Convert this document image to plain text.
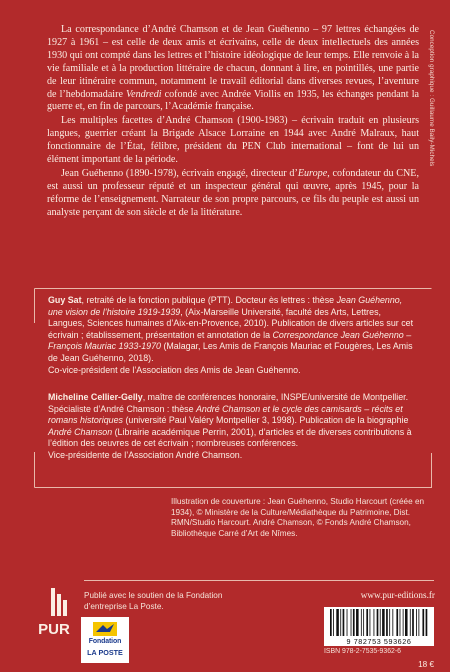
La correspondance d’André Chamson et de Jean Guéhenno – 97 lettres échangées de 1927 à 1961 – est celle de deux amis et écrivains, celle de deux intellectuels des années 1930 qui ont compté dans les lettres et l’histoire idéologique de leur temps. Elle renvoie à la vie familiale et à la production littéraire de chacun, donnant à lire, en pointillés, une partie de leur itinéraire commun, notamment le travail éditorial dans diverses revues, l’aventure de l’hebdomadaire Vendredi cofondé avec Andrée Viollis en 1935, les échanges pendant la guerre et, en fin de parcours, l’Académie française.

Les multiples facettes d’André Chamson (1900-1983) – écrivain traduit en plusieurs langues, guerrier créant la Brigade Alsace Lorraine en 1944 avec André Malraux, haut fonctionnaire de l’État, félibre, président du PEN Club international – font de lui un élément important de la période.

Jean Guéhenno (1890-1978), écrivain engagé, directeur d’Europe, cofondateur du CNE, est aussi un professeur réputé et un inspecteur général qui œuvre, après 1945, pour la réforme de l’enseignement. Narrateur de son propre parcours, ce fils du peuple est aussi un analyste perçant de son siècle et de la littérature.

Conception graphique : Guillaume Baily-Michels

Guy Sat, retraité de la fonction publique (PTT). Docteur ès lettres : thèse Jean Guéhenno, une vision de l’histoire 1919-1939, (Aix-Marseille Université, faculté des Arts, Lettres, Langues, Sciences humaines d’Aix-en-Provence, 2010). Publication de divers articles sur cet écrivain ; établissement, présentation et annotation de la Correspondance Jean Guéhenno – François Mauriac 1933-1970 (Malagar, Les Amis de François Mauriac et Fougères, Les Amis de Jean Guéhenno, 2018).

Co-vice-président de l’Association des Amis de Jean Guéhenno.

Micheline Cellier-Gelly, maître de conférences honoraire, INSPE/université de Montpellier. Spécialiste d’André Chamson : thèse André Chamson et le cycle des camisards – récits et romans historiques (université Paul Valéry Montpellier 3, 1998). Publication de la biographie André Chamson (Librairie académique Perrin, 2001), d’articles et de diverses contributions à l’édition des oeuvres de cet écrivain ; nombreuses conférences.

Vice-présidente de l’Association André Chamson.

Illustration de couverture : Jean Guéhenno, Studio Harcourt (créée en 1934), © Ministère de la Culture/Médiathèque du Patrimoine, Dist. RMN/Studio Harcourt. André Chamson, © Fonds André Chamson, Bibliothèque Carré d’Art de Nîmes.
PUR
Publié avec le soutien de la Fondation d’entreprise La Poste.
Fondation
LA POSTE
www.pur-editions.fr
9 782753 593626
ISBN 978-2-7535-9362-6
18 €
